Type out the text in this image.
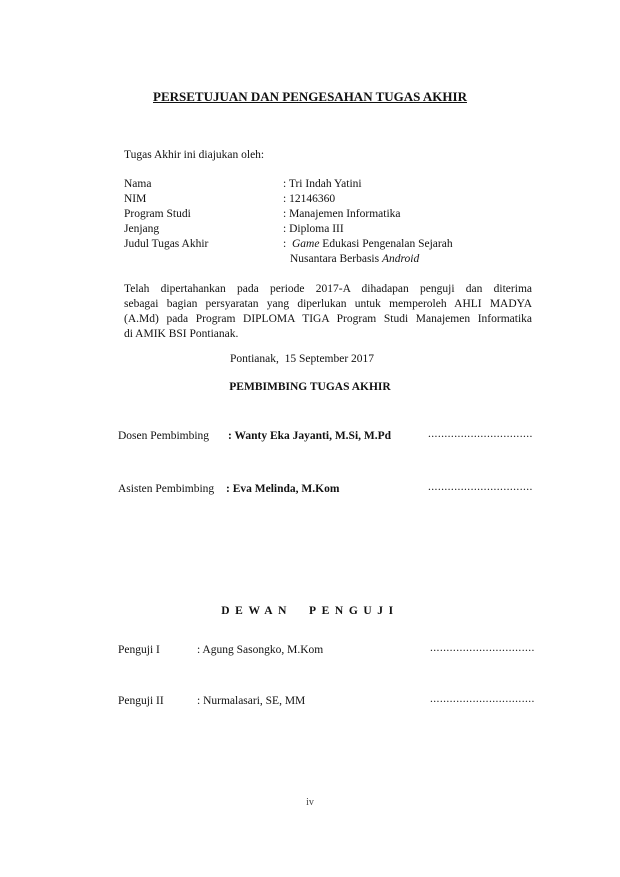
PERSETUJUAN DAN PENGESAHAN TUGAS AKHIR
Tugas Akhir ini diajukan oleh:
Nama	: Tri Indah Yatini
NIM	: 12146360
Program Studi	: Manajemen Informatika
Jenjang	: Diploma III
Judul Tugas Akhir	:  Game Edukasi Pengenalan Sejarah
Nusantara Berbasis Android
Telah dipertahankan pada periode 2017-A dihadapan penguji dan diterima
sebagai bagian persyaratan yang diperlukan untuk memperoleh AHLI MADYA
(A.Md) pada Program DIPLOMA TIGA Program Studi Manajemen Informatika
di AMIK BSI Pontianak.
Pontianak,  15 September 2017
PEMBIMBING TUGAS AKHIR
Dosen Pembimbing : Wanty Eka Jayanti, M.Si, M.Pd	................................
Asisten Pembimbing : Eva Melinda, M.Kom	................................
DEWAN  PENGUJI
Penguji I	: Agung Sasongko, M.Kom	................................
Penguji II	: Nurmalasari, SE, MM	................................
iv
